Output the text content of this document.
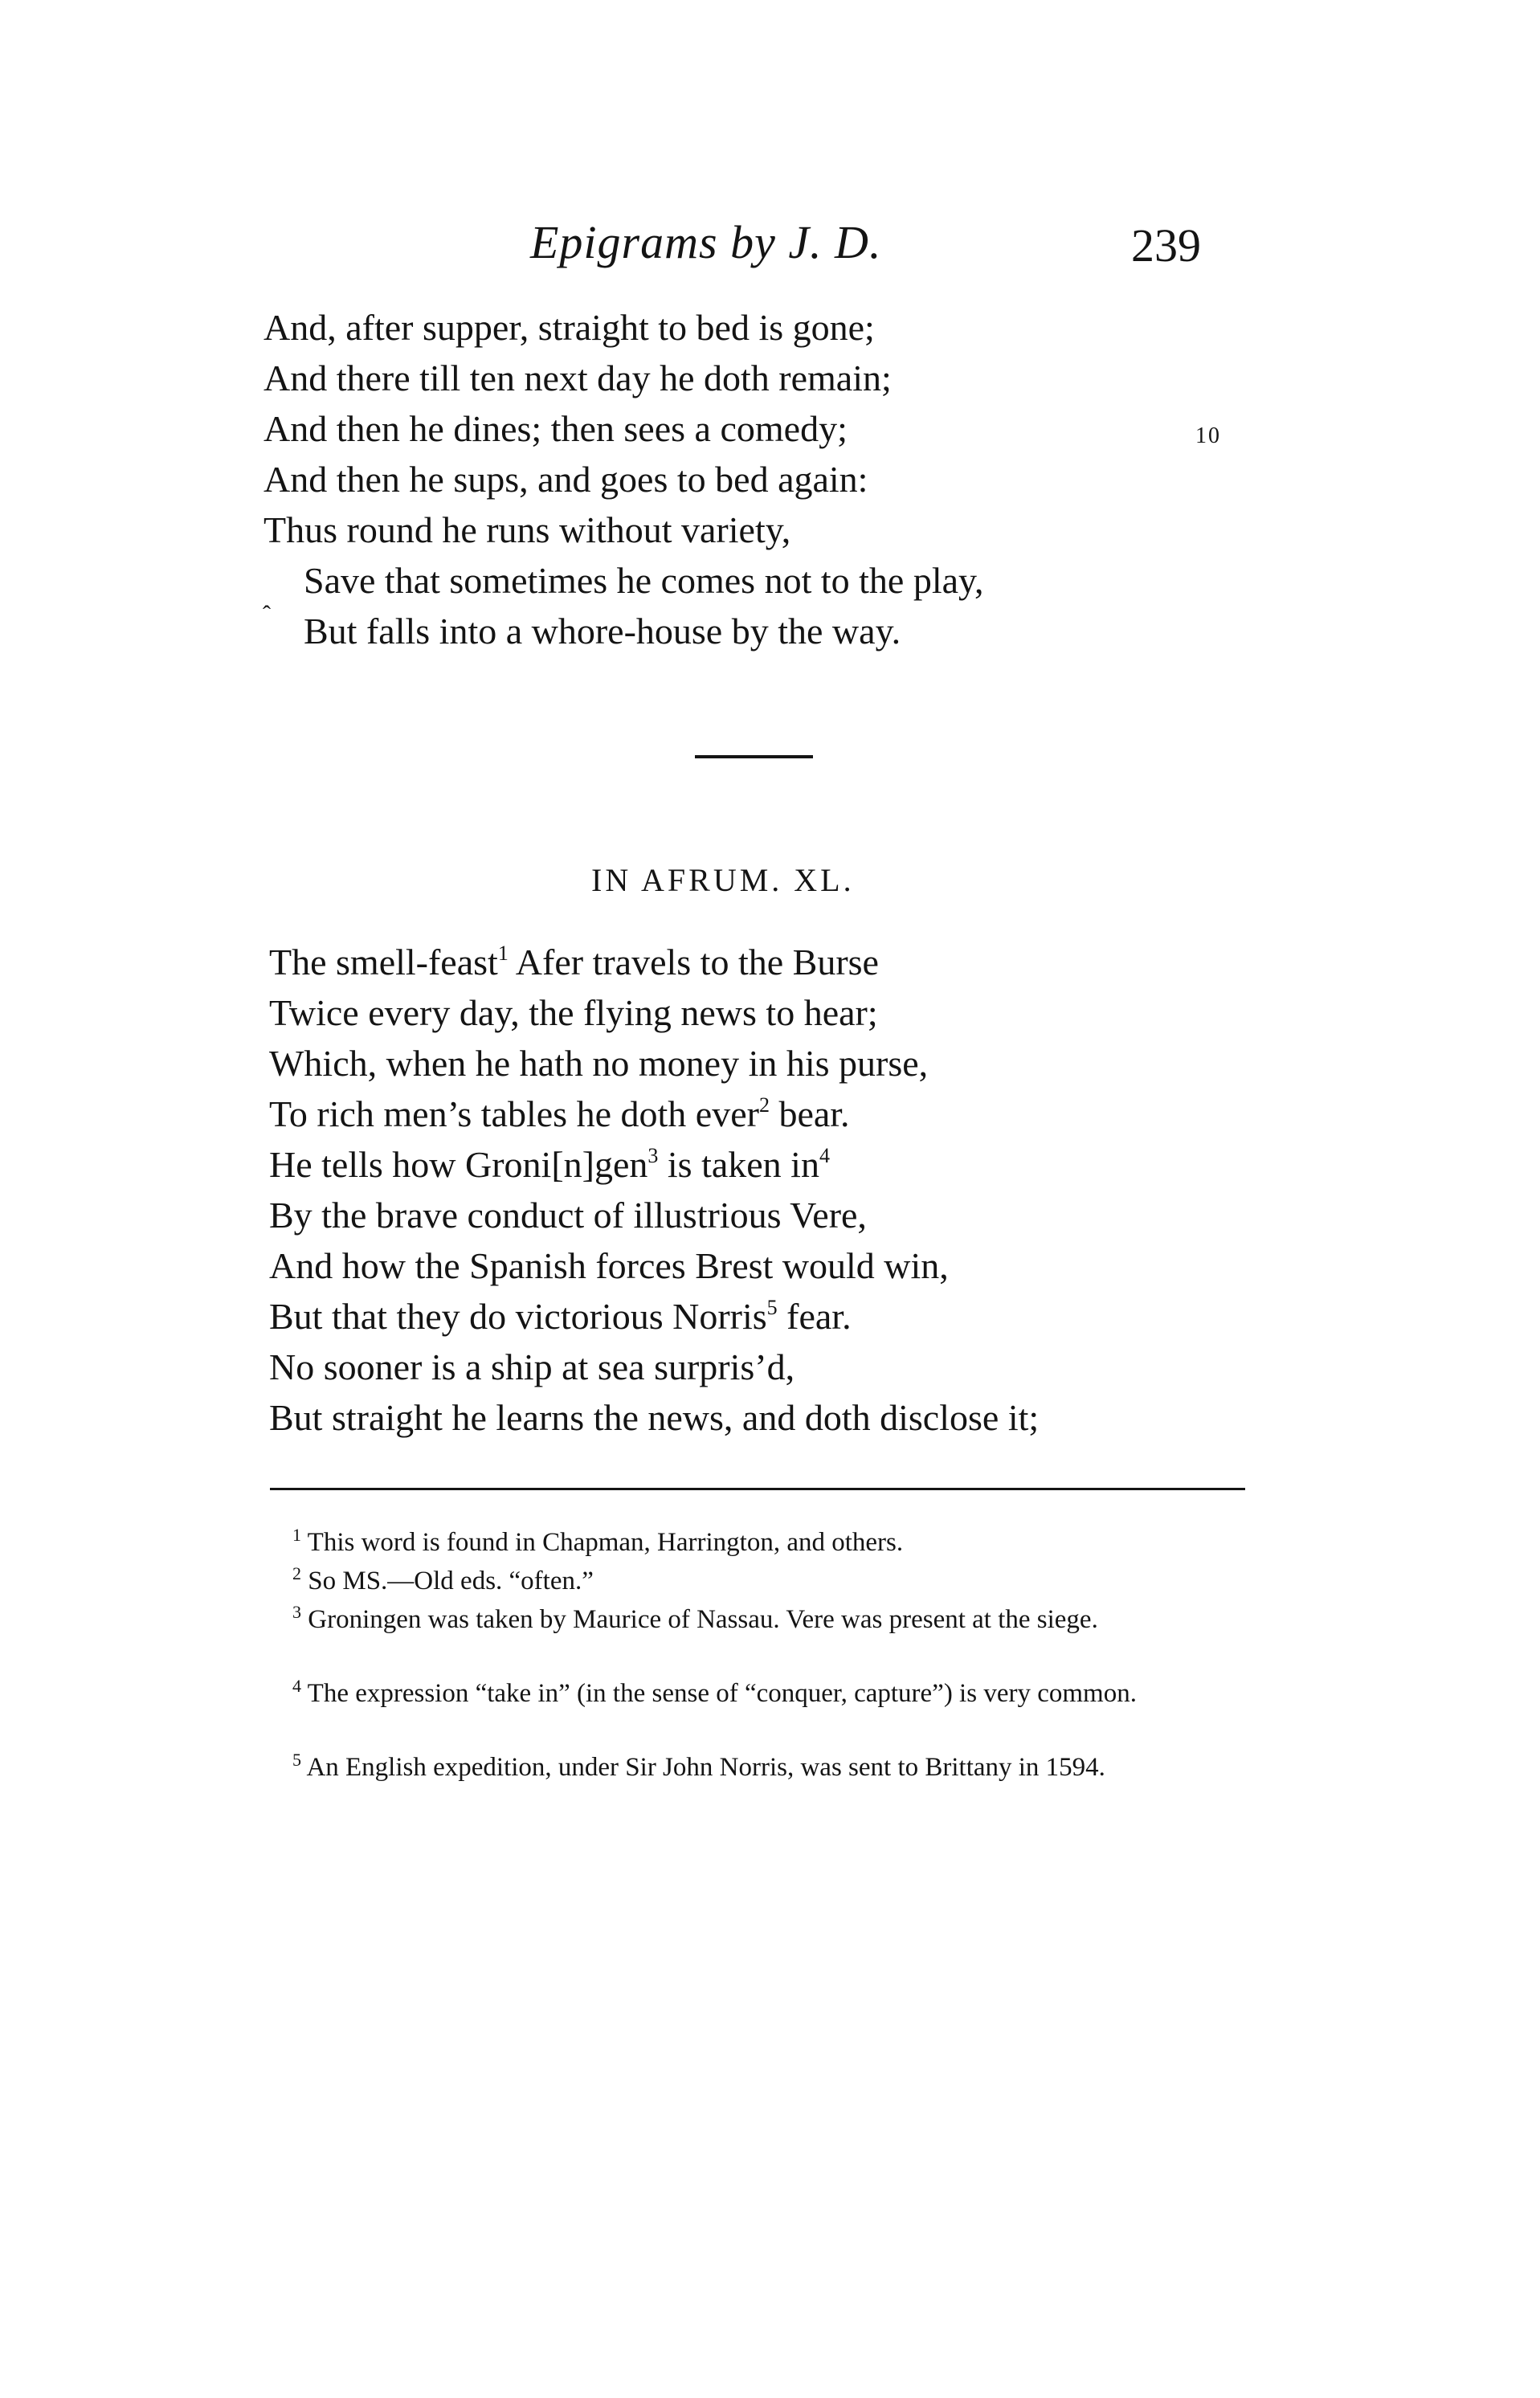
Epigrams by J. D.	239
And, after supper, straight to bed is gone;
And there till ten next day he doth remain;
And then he dines; then sees a comedy;	10
And then he sups, and goes to bed again:
Thus round he runs without variety,
Save that sometimes he comes not to the play,
ˆ But falls into a whore-house by the way.
IN AFRUM. XL.
The smell-feast$^1$ Afer travels to the Burse
Twice every day, the flying news to hear;
Which, when he hath no money in his purse,
To rich men’s tables he doth ever$^2$ bear.
He tells how Groni[n]gen$^3$ is taken $in^4$
By the brave conduct of illustrious Vere,
And how the Spanish forces Brest would win,
But that they do victorious Norris$^5$ fear.
No sooner is a ship at sea surpris’d,
But straight he learns the news, and doth disclose it;
$^1$ This word is found in Chapman, Harrington, and others.
$^2$ So MS.—Old eds. “often.”
$^3$ Groningen was taken by Maurice of Nassau. Vere was present at the siege.
$^4$ The expression “take in” (in the sense of “conquer, capture”) is very common.
$^5$ An English expedition, under Sir John Norris, was sent to Brittany in 1594.
